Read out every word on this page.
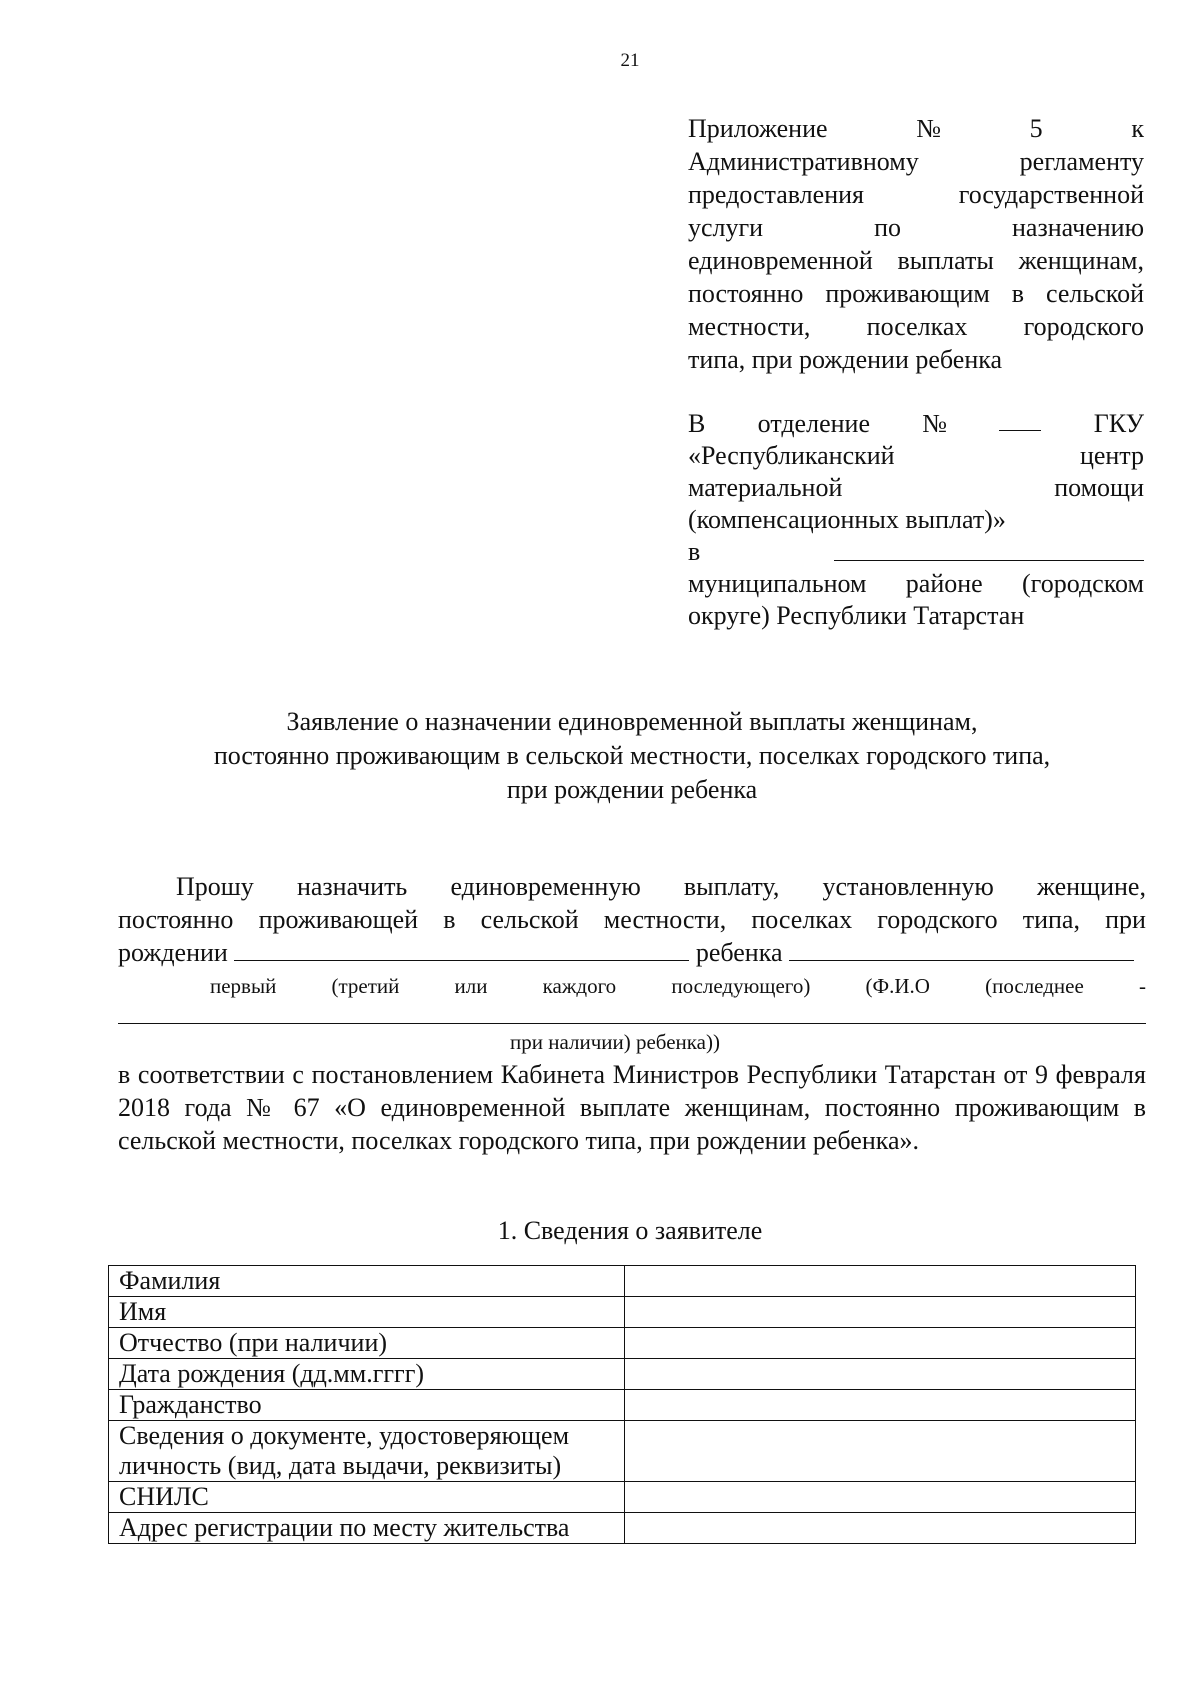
21
Приложение	№	5	к
Административному	регламенту
предоставления	государственной
услуги	по	назначению
единовременной выплаты женщинам,
постоянно проживающим в сельской
местности, поселках городского
типа, при рождении ребенка
В отделение №	ГКУ
«Республиканский	центр
материальной	помощи
(компенсационных выплат)»
в
муниципальном районе (городском
округе) Республики Татарстан
Заявление о назначении единовременной выплаты женщинам,
постоянно проживающим в сельской местности, поселках городского типа,
при рождении ребенка
Прошу назначить единовременную выплату, установленную женщине,
постоянно проживающей в сельской местности, поселках городского типа, при
рождении	ребенка
первый	(третий	или	каждого	последующего)	(Ф.И.О	(последнее	-
при наличии) ребенка))
в соответствии с постановлением Кабинета Министров Республики Татарстан от 9 февраля 2018 года № 67 «О единовременной выплате женщинам, постоянно проживающим в сельской местности, поселках городского типа, при рождении ребенка».
1. Сведения о заявителе
Фамилия	
Имя	
Отчество (при наличии)	
Дата рождения (дд.мм.гггг)	
Гражданство	
Сведения о документе, удостоверяющем личность (вид, дата выдачи, реквизиты)	
СНИЛС	
Адрес регистрации по месту жительства	
